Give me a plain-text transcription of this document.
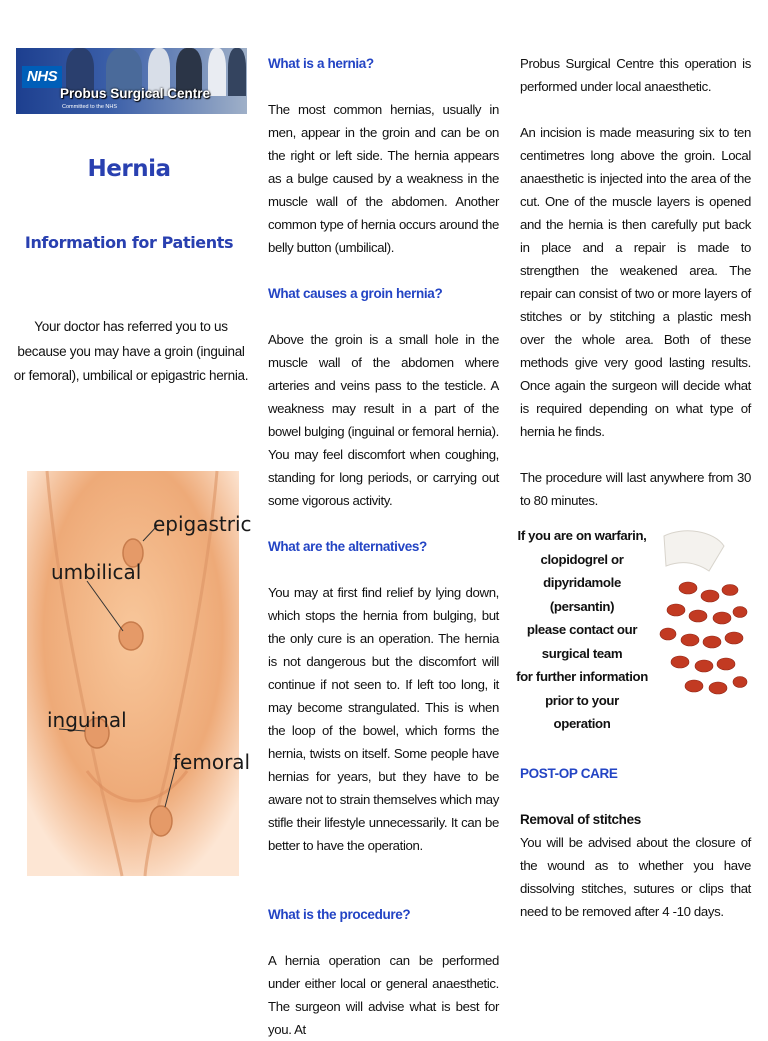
NHS
Probus Surgical Centre
Committed to the NHS
Hernia
Information for Patients
Your doctor has referred you to us because you may have a groin (inguinal or femoral), umbilical or epigastric hernia.
epigastric
umbilical
inguinal
femoral
What is a hernia?

The most common hernias, usually in men, appear in the groin and can be on the right or left side. The hernia appears as a bulge caused by a weakness in the muscle wall of the abdomen. Another common type of hernia occurs around the belly button (umbilical).

What causes a groin hernia?

Above the groin is a small hole in the muscle wall of the abdomen where arteries and veins pass to the testicle. A weakness may result in a part of the bowel bulging (inguinal or femoral hernia). You may feel discomfort when coughing, standing for long periods, or carrying out some vigorous activity.

What are the alternatives?

You may at first find relief by lying down, which stops the hernia from bulging, but the only cure is an operation. The hernia is not dangerous but the discomfort will continue if not seen to. If left too long, it may become strangulated. This is when the loop of the bowel, which forms the hernia, twists on itself. Some people have hernias for years, but they have to be aware not to strain themselves which may stifle their lifestyle unnecessarily. It can be better to have the operation.

What is the procedure?

A hernia operation can be performed under either local or general anaesthetic. The surgeon will advise what is best for you. At

Probus Surgical Centre this operation is performed under local anaesthetic.

An incision is made measuring six to ten centimetres long above the groin. Local anaesthetic is injected into the area of the cut. One of the muscle layers is opened and the hernia is then carefully put back in place and a repair is made to strengthen the weakened area. The repair can consist of two or more layers of stitches or by stitching a plastic mesh over the whole area. Both of these methods give very good lasting results. Once again the surgeon will decide what is required depending on what type of hernia he finds.

The procedure will last anywhere from 30 to 80 minutes.

If you are on warfarin,
clopidogrel or
dipyridamole (persantin)
please contact our
surgical team
for further information
prior to your operation
POST-OP CARE
Removal of stitches

You will be advised about the closure of the wound as to whether you have dissolving stitches, sutures or clips that need to be removed after 4 -10 days.
